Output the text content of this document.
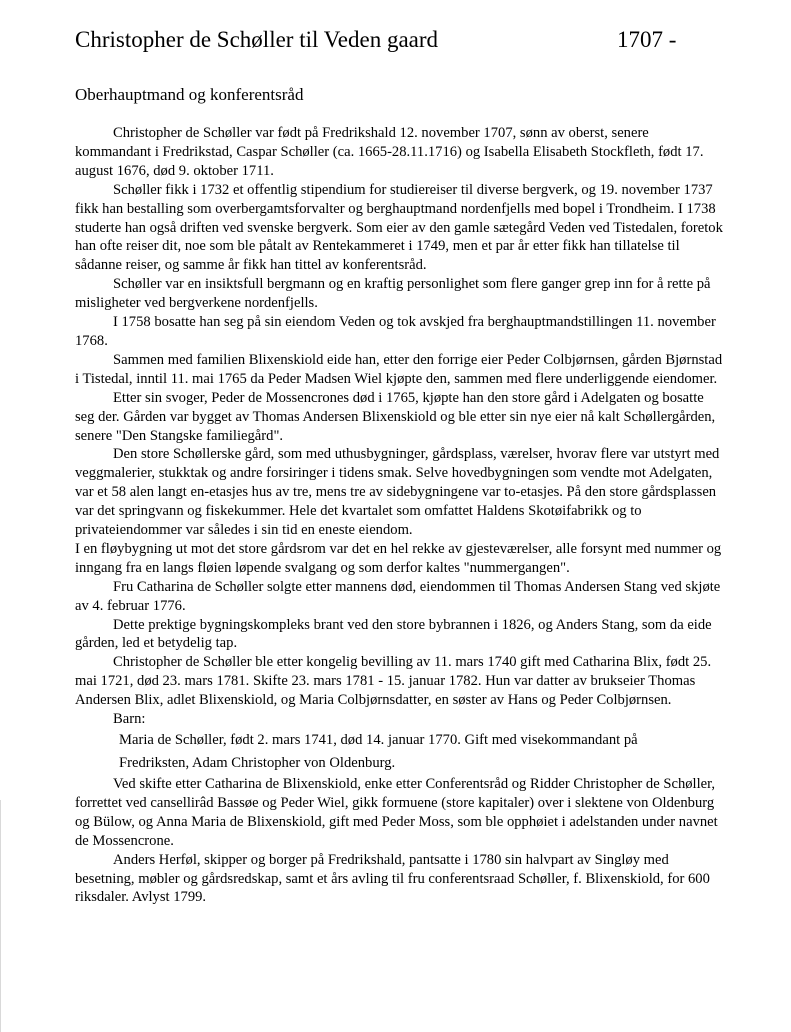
Christopher de Schøller til Veden gaard	1707 -
Oberhauptmand og konferentsråd

Christopher de Schøller var født på Fredrikshald 12. november 1707, sønn av oberst, senere kommandant i Fredrikstad, Caspar Schøller (ca. 1665-28.11.1716) og Isabella Elisabeth Stockfleth, født 17. august 1676, død 9. oktober 1711.

Schøller fikk i 1732 et offentlig stipendium for studiereiser til diverse bergverk, og 19. november 1737 fikk han bestalling som overbergamtsforvalter og berghauptmand nordenfjells med bopel i Trondheim. I 1738 studerte han også driften ved svenske bergverk. Som eier av den gamle sætegård Veden ved Tistedalen, foretok han ofte reiser dit, noe som ble påtalt av Rentekammeret i 1749, men et par år etter fikk han tillatelse til sådanne reiser, og samme år fikk han tittel av konferentsråd.

Schøller var en insiktsfull bergmann og en kraftig personlighet som flere ganger grep inn for å rette på misligheter ved bergverkene nordenfjells.

I 1758 bosatte han seg på sin eiendom Veden og tok avskjed fra berghauptmandstillingen 11. november 1768.

Sammen med familien Blixenskiold eide han, etter den forrige eier Peder Colbjørnsen, gården Bjørnstad i Tistedal, inntil 11. mai 1765 da Peder Madsen Wiel kjøpte den, sammen med flere underliggende eiendomer.

Etter sin svoger, Peder de Mossencrones død i 1765, kjøpte han den store gård i Adelgaten og bosatte seg der. Gården var bygget av Thomas Andersen Blixenskiold og ble etter sin nye eier nå kalt Schøllergården, senere "Den Stangske familiegård".

Den store Schøllerske gård, som med uthusbygninger, gårdsplass, værelser, hvorav flere var utstyrt med veggmalerier, stukktak og andre forsiringer i tidens smak. Selve hovedbygningen som vendte mot Adelgaten, var et 58 alen langt en-etasjes hus av tre, mens tre av sidebygningene var to-etasjes. På den store gårdsplassen var det springvann og fiskekummer. Hele det kvartalet som omfattet Haldens Skotøifabrikk og to privateiendommer var således i sin tid en eneste eiendom.

I en fløybygning ut mot det store gårdsrom var det en hel rekke av gjesteværelser, alle forsynt med nummer og inngang fra en langs fløien løpende svalgang og som derfor kaltes "nummergangen".

Fru Catharina de Schøller solgte etter mannens død, eiendommen til Thomas Andersen Stang ved skjøte av 4. februar 1776.

Dette prektige bygningskompleks brant ved den store bybrannen i 1826, og Anders Stang, som da eide gården, led et betydelig tap.

Christopher de Schøller ble etter kongelig bevilling av 11. mars 1740 gift med Catharina Blix, født 25. mai 1721, død 23. mars 1781. Skifte 23. mars 1781 - 15. januar 1782. Hun var datter av brukseier Thomas Andersen Blix, adlet Blixenskiold, og Maria Colbjørnsdatter, en søster av Hans og Peder Colbjørnsen.

Barn:

Maria de Schøller, født 2. mars 1741, død 14. januar 1770. Gift med visekommandant på
Fredriksten, Adam Christopher von Oldenburg.

Ved skifte etter Catharina de Blixenskiold, enke etter Conferentsråd og Ridder Christopher de Schøller, forrettet ved cansellirâd Bassøe og Peder Wiel, gikk formuene (store kapitaler) over i slektene von Oldenburg og Bülow, og Anna Maria de Blixenskiold, gift med Peder Moss, som ble opphøiet i adelstanden under navnet de Mossencrone.

Anders Herføl, skipper og borger på Fredrikshald, pantsatte i 1780 sin halvpart av Singløy med besetning, møbler og gårdsredskap, samt et års avling til fru conferentsraad Schøller, f. Blixenskiold, for 600 riksdaler. Avlyst 1799.
